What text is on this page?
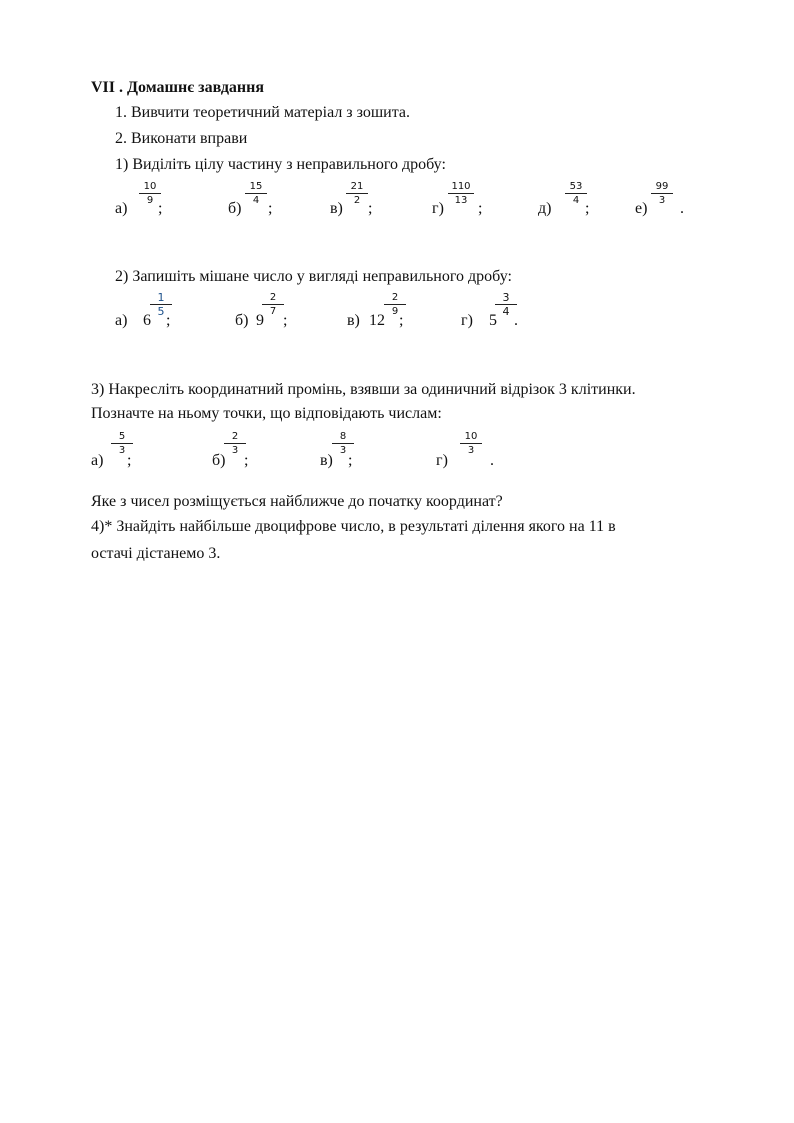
VII . Домашнє завдання
1. Вивчити теоретичний матеріал з зошита.
2. Виконати вправи
1) Виділіть цілу частину з неправильного дробу:
а)
$\frac{10}{9}$
;	б)
$\frac{15}{4}$
;	в)
$\frac{21}{2}$
;	г)
$\frac{110}{13}$
;	д)
$\frac{53}{4}$
;	е)
$\frac{99}{3}$
.
2) Запишіть мішане число у вигляді неправильного дробу:
а) 6
$\frac{1}{5}$
;	б) 9
$\frac{2}{7}$
;	в) 12
$\frac{2}{9}$
;	г) 5
$\frac{3}{4}$
.
3) Накресліть координатний промінь, взявши за одиничний відрізок 3 клітинки.
Позначте на ньому точки, що відповідають числам:
а)
$\frac{5}{3}$
;	б)
$\frac{2}{3}$
;	в)
$\frac{8}{3}$
;	г)
$\frac{10}{3}$
.
Яке з чисел розміщується найближче до початку координат?
4)* Знайдіть найбільше двоцифрове число, в результаті ділення якого на 11 в
остачі дістанемо 3.
